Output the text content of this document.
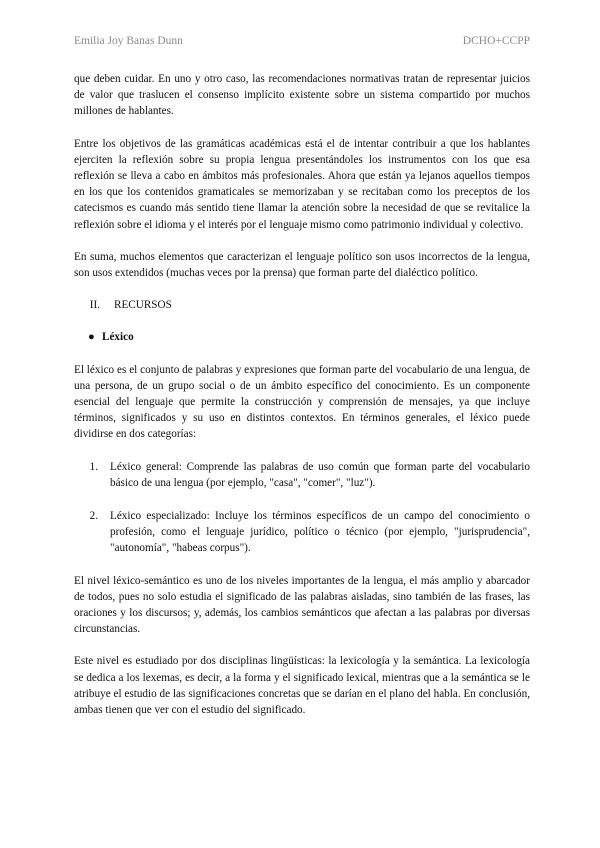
Emilia Joy Banas Dunn	DCHO+CCPP

que deben cuidar. En uno y otro caso, las recomendaciones normativas tratan de representar juicios de valor que traslucen el consenso implícito existente sobre un sistema compartido por muchos millones de hablantes.

Entre los objetivos de las gramáticas académicas está el de intentar contribuir a que los hablantes ejerciten la reflexión sobre su propia lengua presentándoles los instrumentos con los que esa reflexión se lleva a cabo en ámbitos más profesionales. Ahora que están ya lejanos aquellos tiempos en los que los contenidos gramaticales se memorizaban y se recitaban como los preceptos de los catecismos es cuando más sentido tiene llamar la atención sobre la necesidad de que se revitalice la reflexión sobre el idioma y el interés por el lenguaje mismo como patrimonio individual y colectivo.

En suma, muchos elementos que caracterizan el lenguaje político son usos incorrectos de la lengua, son usos extendidos (muchas veces por la prensa) que forman parte del dialéctico político.

II.	RECURSOS
● Léxico

El léxico es el conjunto de palabras y expresiones que forman parte del vocabulario de una lengua, de una persona, de un grupo social o de un ámbito específico del conocimiento. Es un componente esencial del lenguaje que permite la construcción y comprensión de mensajes, ya que incluye términos, significados y su uso en distintos contextos. En términos generales, el léxico puede dividirse en dos categorías:

1.	Léxico general: Comprende las palabras de uso común que forman parte del vocabulario básico de una lengua (por ejemplo, "casa", "comer", "luz").
2.	Léxico especializado: Incluye los términos específicos de un campo del conocimiento o profesión, como el lenguaje jurídico, político o técnico (por ejemplo, "jurisprudencia", "autonomía", "habeas corpus").

El nivel léxico-semántico es uno de los niveles importantes de la lengua, el más amplio y abarcador de todos, pues no solo estudia el significado de las palabras aisladas, sino también de las frases, las oraciones y los discursos; y, además, los cambios semánticos que afectan a las palabras por diversas circunstancias.

Este nivel es estudiado por dos disciplinas lingüísticas: la lexicología y la semántica. La lexicología se dedica a los lexemas, es decir, a la forma y el significado lexical, mientras que a la semántica se le atribuye el estudio de las significaciones concretas que se darían en el plano del habla. En conclusión, ambas tienen que ver con el estudio del significado.
